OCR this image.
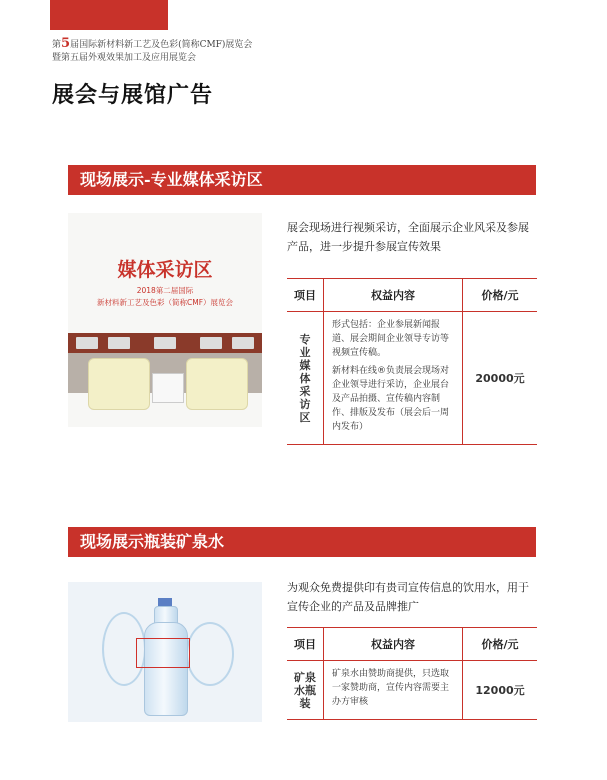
第5届国际新材料新工艺及色彩(简称CMF)展览会
暨第五届外观效果加工及应用展览会
展会与展馆广告
现场展示-专业媒体采访区
媒体采访区
2018第二届国际
新材料新工艺及色彩（简称CMF）展览会
展会现场进行视频采访，全面展示企业风采及参展产品，进一步提升参展宣传效果
项目	权益内容	价格/元

专业媒体采访区	形式包括：企业参展新闻报道、展会期间企业领导专访等视频宣传稿。

新材料在线®负责展会现场对企业领导进行采访，企业展台及产品拍摄、宣传稿内容制作、排版及发布（展会后一周内发布）	20000元
现场展示瓶装矿泉水
为观众免费提供印有贵司宣传信息的饮用水，用于宣传企业的产品及品牌推广
项目	权益内容	价格/元

矿泉水瓶装	矿泉水由赞助商提供，只选取一家赞助商，宣传内容需要主办方审核	12000元
